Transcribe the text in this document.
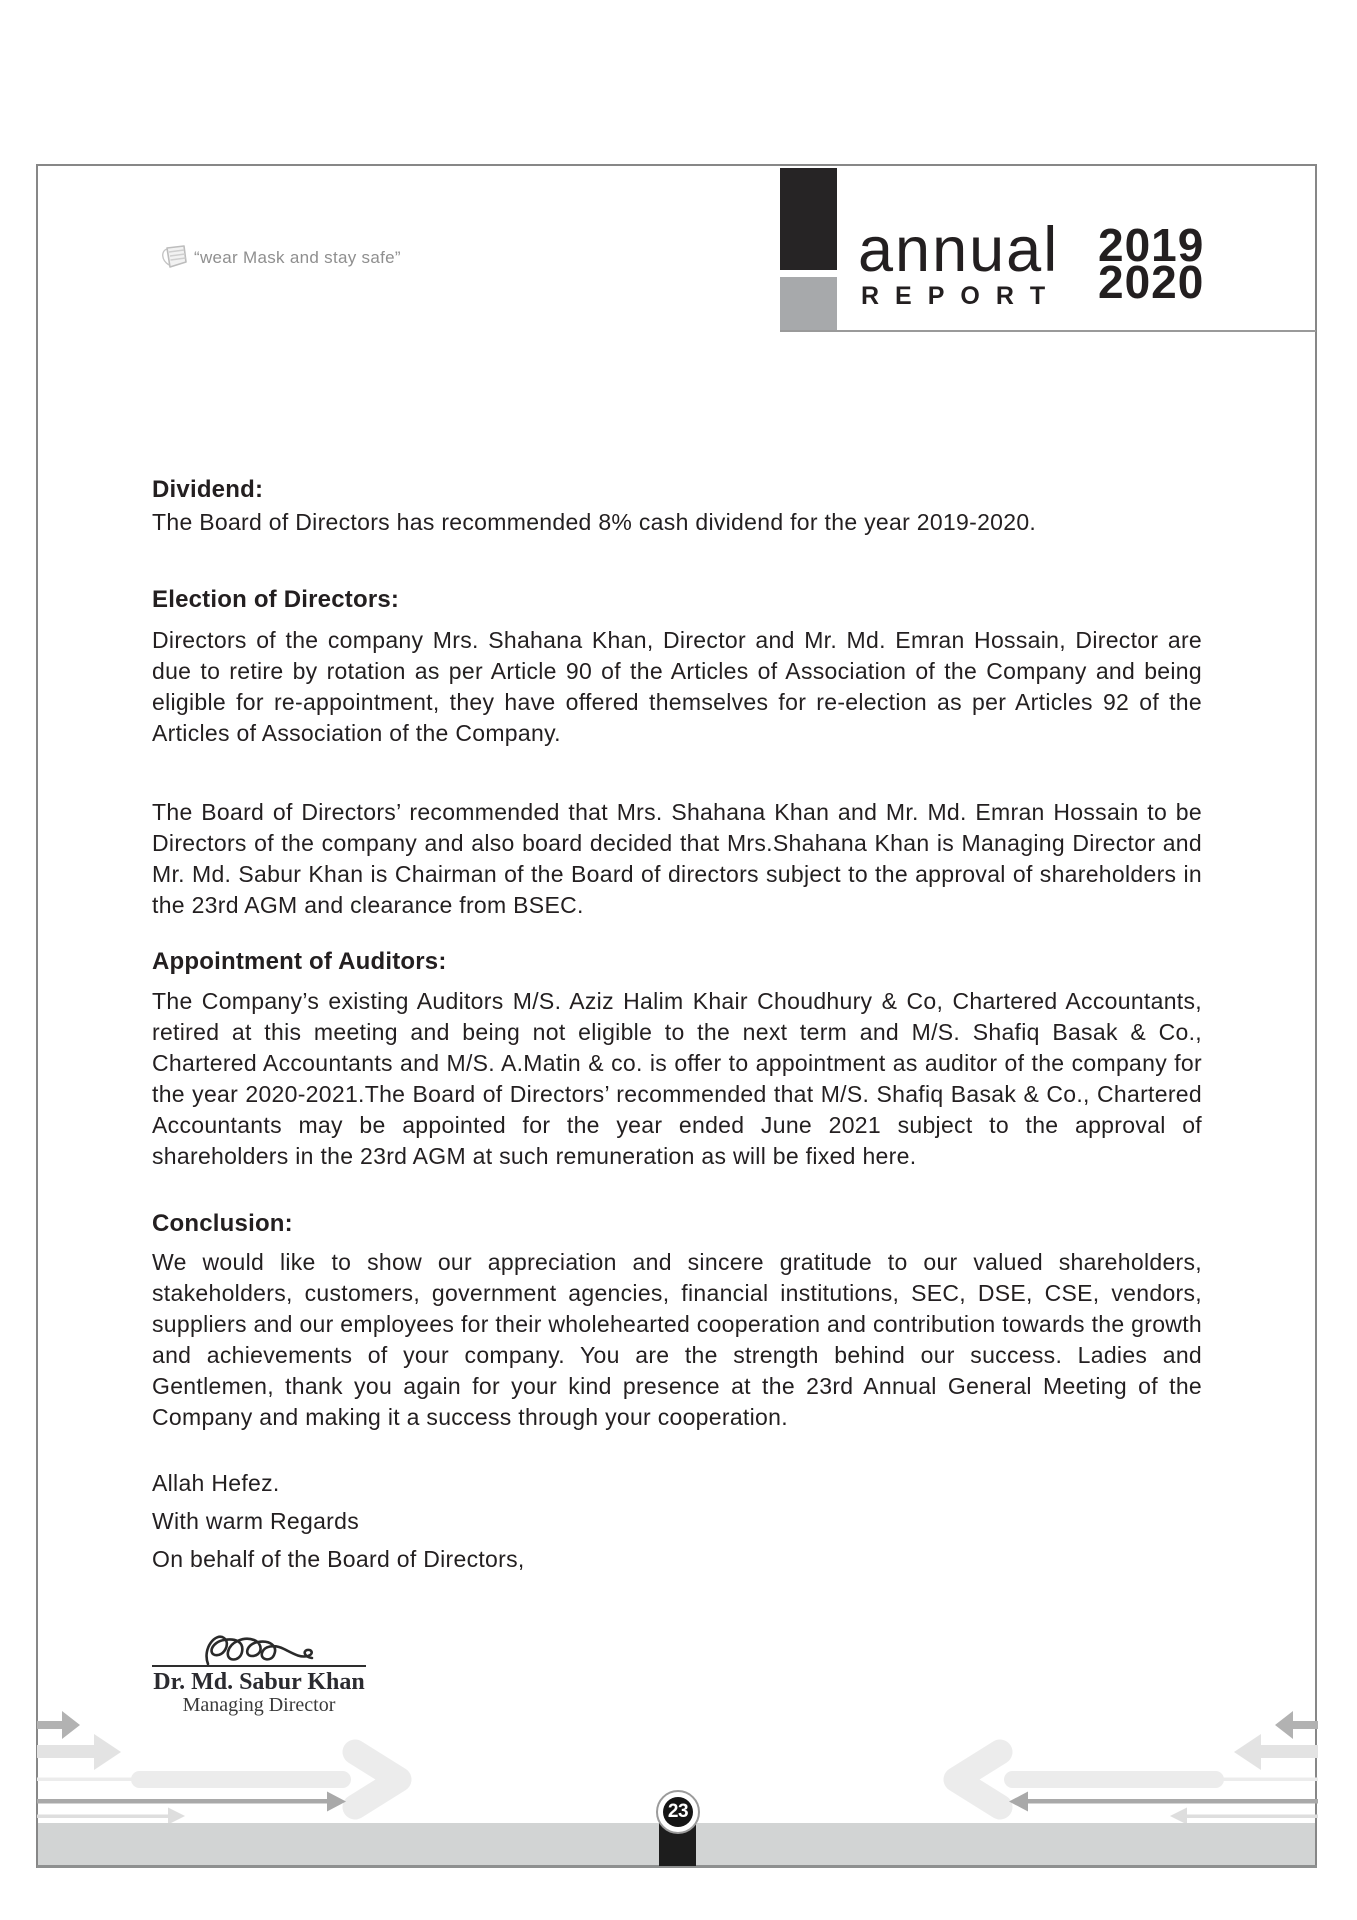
“wear Mask and stay safe”	annual
REPORT
2019
2020
Dividend:
The Board of Directors has recommended 8% cash dividend for the year 2019-2020.
Election of Directors:
Directors of the company Mrs. Shahana Khan, Director and Mr. Md. Emran Hossain, Director are due to retire by rotation as per Article 90 of the Articles of Association of the Company and being eligible for re-appointment, they have offered themselves for re-election as per Articles 92 of the Articles of Association of the Company.
The Board of Directors’ recommended that Mrs. Shahana Khan and Mr. Md. Emran Hossain to be Directors of the company and also board decided that Mrs.Shahana Khan is Managing Director and Mr. Md. Sabur Khan is Chairman of the Board of directors subject to the approval of shareholders in the 23rd AGM and clearance from BSEC.
Appointment of Auditors:
The Company’s existing Auditors M/S. Aziz Halim Khair Choudhury & Co, Chartered Accountants, retired at this meeting and being not eligible to the next term and M/S. Shafiq Basak & Co., Chartered Accountants and M/S. A.Matin & co. is offer to appointment as auditor of the company for the year 2020-2021.The Board of Directors’ recommended that M/S. Shafiq Basak & Co., Chartered Accountants may be appointed for the year ended June 2021 subject to the approval of shareholders in the 23rd AGM at such remuneration as will be fixed here.
Conclusion:
We would like to show our appreciation and sincere gratitude to our valued shareholders, stakeholders, customers, government agencies, financial institutions, SEC, DSE, CSE, vendors, suppliers and our employees for their wholehearted cooperation and contribution towards the growth and achievements of your company. You are the strength behind our success. Ladies and Gentlemen, thank you again for your kind presence at the 23rd Annual General Meeting of the Company and making it a success through your cooperation.
Allah Hefez.
With warm Regards
On behalf of the Board of Directors,
Dr. Md. Sabur Khan
Managing Director
23
